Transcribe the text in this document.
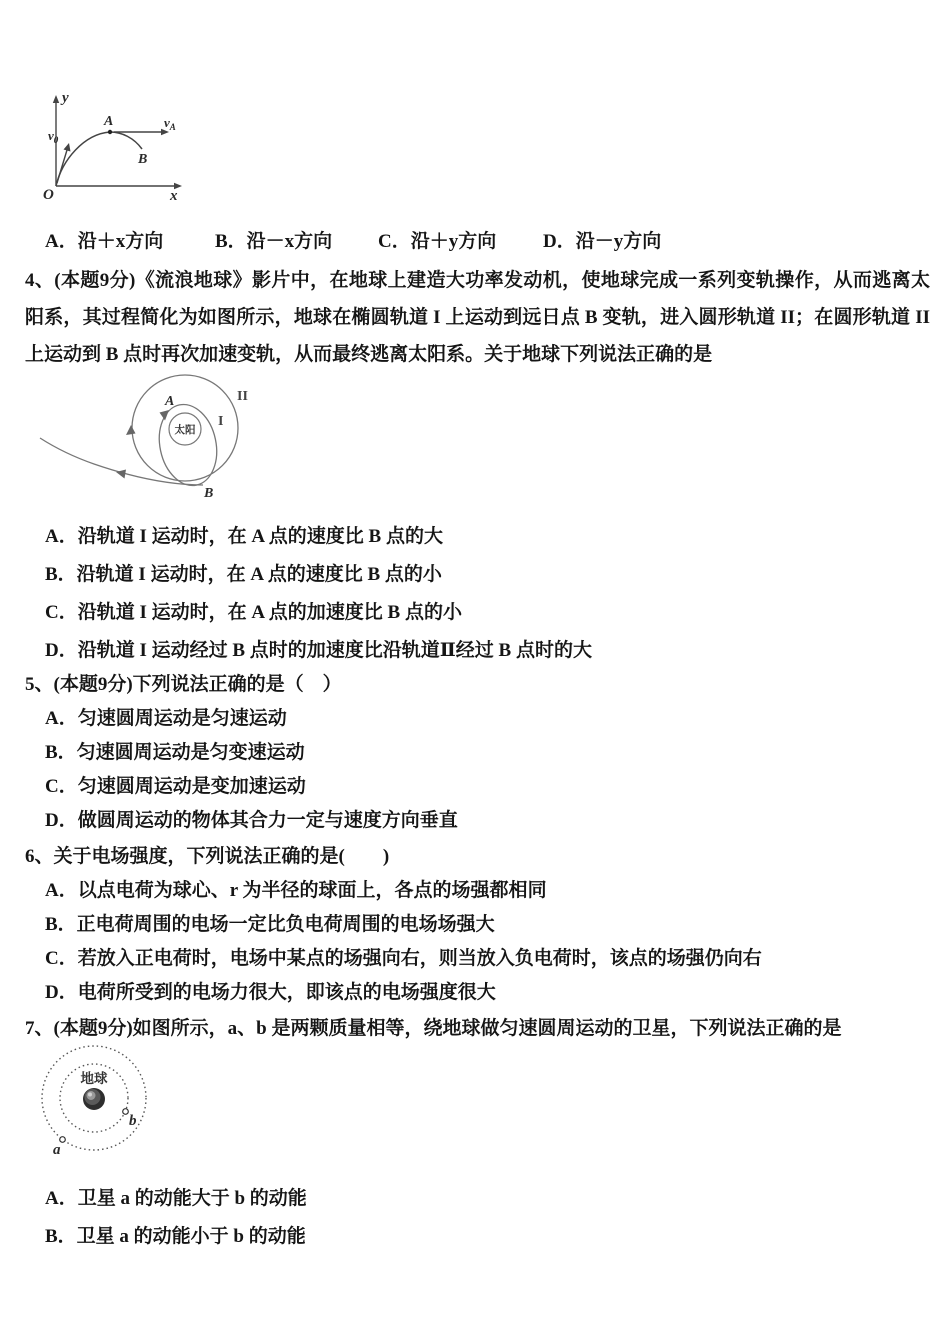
y
x
O
A
B
$v_A$
$v_0$
A．沿＋x方向	B．沿－x方向	C．沿＋y方向	D．沿－y方向

4、(本题9分)《流浪地球》影片中，在地球上建造大功率发动机，使地球完成一系列变轨操作，从而逃离太阳系，其过程简化为如图所示，地球在椭圆轨道 I 上运动到远日点 B 变轨，进入圆形轨道 II；在圆形轨道 II 上运动到 B 点时再次加速变轨，从而最终逃离太阳系。关于地球下列说法正确的是

太阳
A
B
I
II
A．沿轨道 I 运动时，在 A 点的速度比 B 点的大
B．沿轨道 I 运动时，在 A 点的速度比 B 点的小
C．沿轨道 I 运动时，在 A 点的加速度比 B 点的小
D．沿轨道 I 运动经过 B 点时的加速度比沿轨道Ⅱ经过 B 点时的大
5、(本题9分)下列说法正确的是（　）
A．匀速圆周运动是匀速运动
B．匀速圆周运动是匀变速运动
C．匀速圆周运动是变加速运动
D．做圆周运动的物体其合力一定与速度方向垂直
6、关于电场强度，下列说法正确的是(　　)
A．以点电荷为球心、r 为半径的球面上，各点的场强都相同
B．正电荷周围的电场一定比负电荷周围的电场场强大
C．若放入正电荷时，电场中某点的场强向右，则当放入负电荷时，该点的场强仍向右
D．电荷所受到的电场力很大，即该点的电场强度很大
7、(本题9分)如图所示，a、b 是两颗质量相等，绕地球做匀速圆周运动的卫星，下列说法正确的是
地球
b
a
A．卫星 a 的动能大于 b 的动能
B．卫星 a 的动能小于 b 的动能
